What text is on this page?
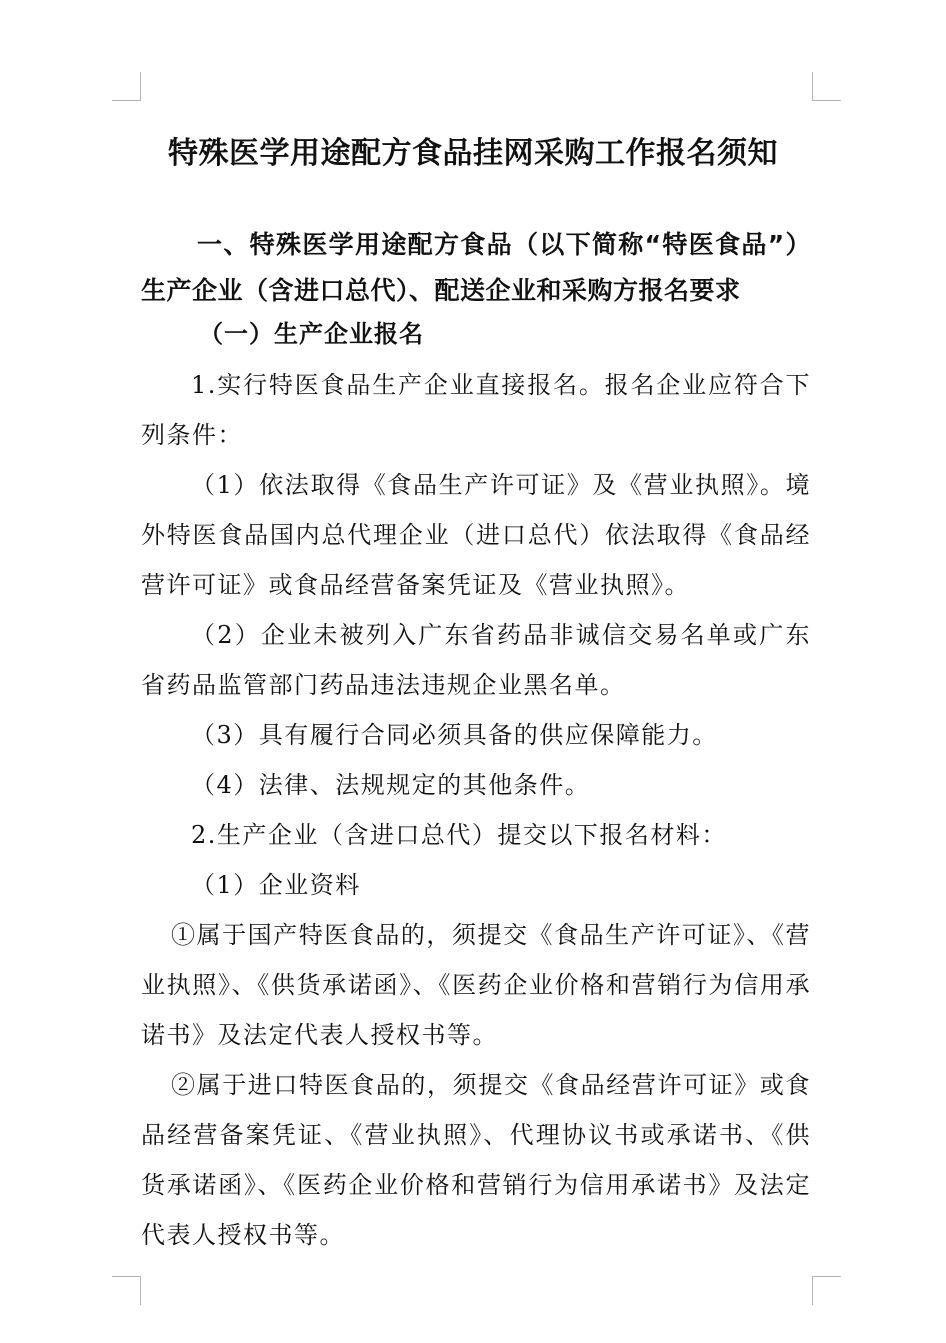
特殊医学用途配方食品挂网采购工作报名须知

一、特殊医学用途配方食品（以下简称“特医食品”）生产企业（含进口总代）、配送企业和采购方报名要求

（一）生产企业报名

1.实行特医食品生产企业直接报名。报名企业应符合下列条件：

（1）依法取得《食品生产许可证》及《营业执照》。境外特医食品国内总代理企业（进口总代）依法取得《食品经营许可证》或食品经营备案凭证及《营业执照》。

（2）企业未被列入广东省药品非诚信交易名单或广东省药品监管部门药品违法违规企业黑名单。

（3）具有履行合同必须具备的供应保障能力。

（4）法律、法规规定的其他条件。

2.生产企业（含进口总代）提交以下报名材料：

（1）企业资料

①属于国产特医食品的，须提交《食品生产许可证》、《营业执照》、《供货承诺函》、《医药企业价格和营销行为信用承诺书》及法定代表人授权书等。

②属于进口特医食品的，须提交《食品经营许可证》或食品经营备案凭证、《营业执照》、代理协议书或承诺书、《供货承诺函》、《医药企业价格和营销行为信用承诺书》及法定代表人授权书等。
